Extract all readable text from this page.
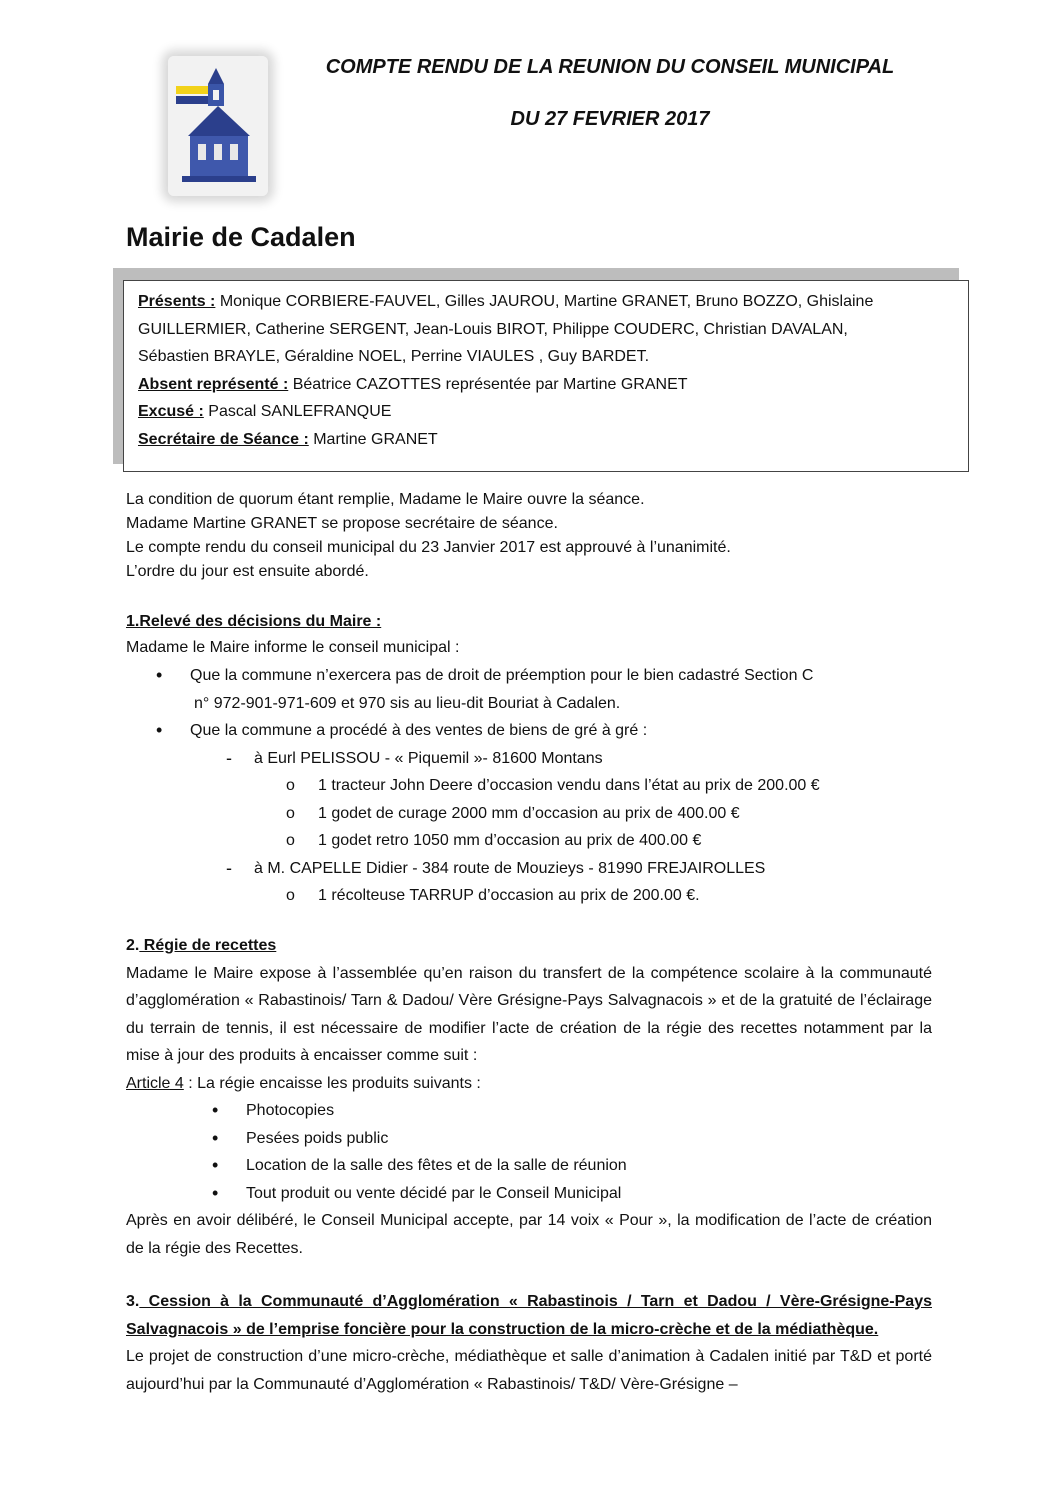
COMPTE RENDU DE LA REUNION DU CONSEIL MUNICIPAL

DU 27 FEVRIER 2017

Mairie de Cadalen

Présents : Monique CORBIERE-FAUVEL, Gilles JAUROU, Martine GRANET, Bruno BOZZO, Ghislaine

GUILLERMIER, Catherine SERGENT, Jean-Louis BIROT, Philippe COUDERC, Christian DAVALAN,

Sébastien BRAYLE, Géraldine NOEL, Perrine VIAULES , Guy BARDET.

Absent représenté : Béatrice CAZOTTES représentée par Martine GRANET

Excusé : Pascal SANLEFRANQUE

Secrétaire de Séance : Martine GRANET

La condition de quorum étant remplie, Madame le Maire ouvre la séance.

Madame Martine GRANET se propose secrétaire de séance.

Le compte rendu du conseil municipal du 23 Janvier 2017 est approuvé à l’unanimité.

L’ordre du jour est ensuite abordé.

1.Relevé des décisions du Maire :

Madame le Maire informe le conseil municipal :

• Que la commune n’exercera pas de droit de préemption pour le bien cadastré Section C

n° 972-901-971-609 et 970 sis au lieu-dit Bouriat à Cadalen.

• Que la commune a procédé à des ventes de biens de gré à gré :

- à Eurl PELISSOU - « Piquemil »- 81600 Montans

o 1 tracteur John Deere d’occasion vendu dans l’état au prix de 200.00 €

o 1 godet de curage 2000 mm d’occasion au prix de 400.00 €

o 1 godet retro 1050 mm d’occasion au prix de 400.00 €

- à M. CAPELLE Didier - 384 route de Mouzieys - 81990 FREJAIROLLES

o 1 récolteuse TARRUP d’occasion au prix de 200.00 €.

2. Régie de recettes

Madame le Maire expose à l’assemblée qu’en raison du transfert de la compétence scolaire à la communauté d’agglomération « Rabastinois/ Tarn & Dadou/ Vère Grésigne-Pays Salvagnacois » et de la gratuité de l’éclairage du terrain de tennis, il est nécessaire de modifier l’acte de création de la régie des recettes notamment par la mise à jour des produits à encaisser comme suit :

Article 4 : La régie encaisse les produits suivants :

• Photocopies

• Pesées poids public

• Location de la salle des fêtes et de la salle de réunion

• Tout produit ou vente décidé par le Conseil Municipal

Après en avoir délibéré, le Conseil Municipal accepte, par 14 voix « Pour », la modification de l’acte de création de la régie des Recettes.

3. Cession à la Communauté d’Agglomération « Rabastinois / Tarn et Dadou / Vère-Grésigne-Pays Salvagnacois » de l’emprise foncière pour la construction de la micro-crèche et de la médiathèque.

Le projet de construction d’une micro-crèche, médiathèque et salle d’animation à Cadalen initié par T&D et porté aujourd’hui par la Communauté d’Agglomération « Rabastinois/ T&D/ Vère-Grésigne –
